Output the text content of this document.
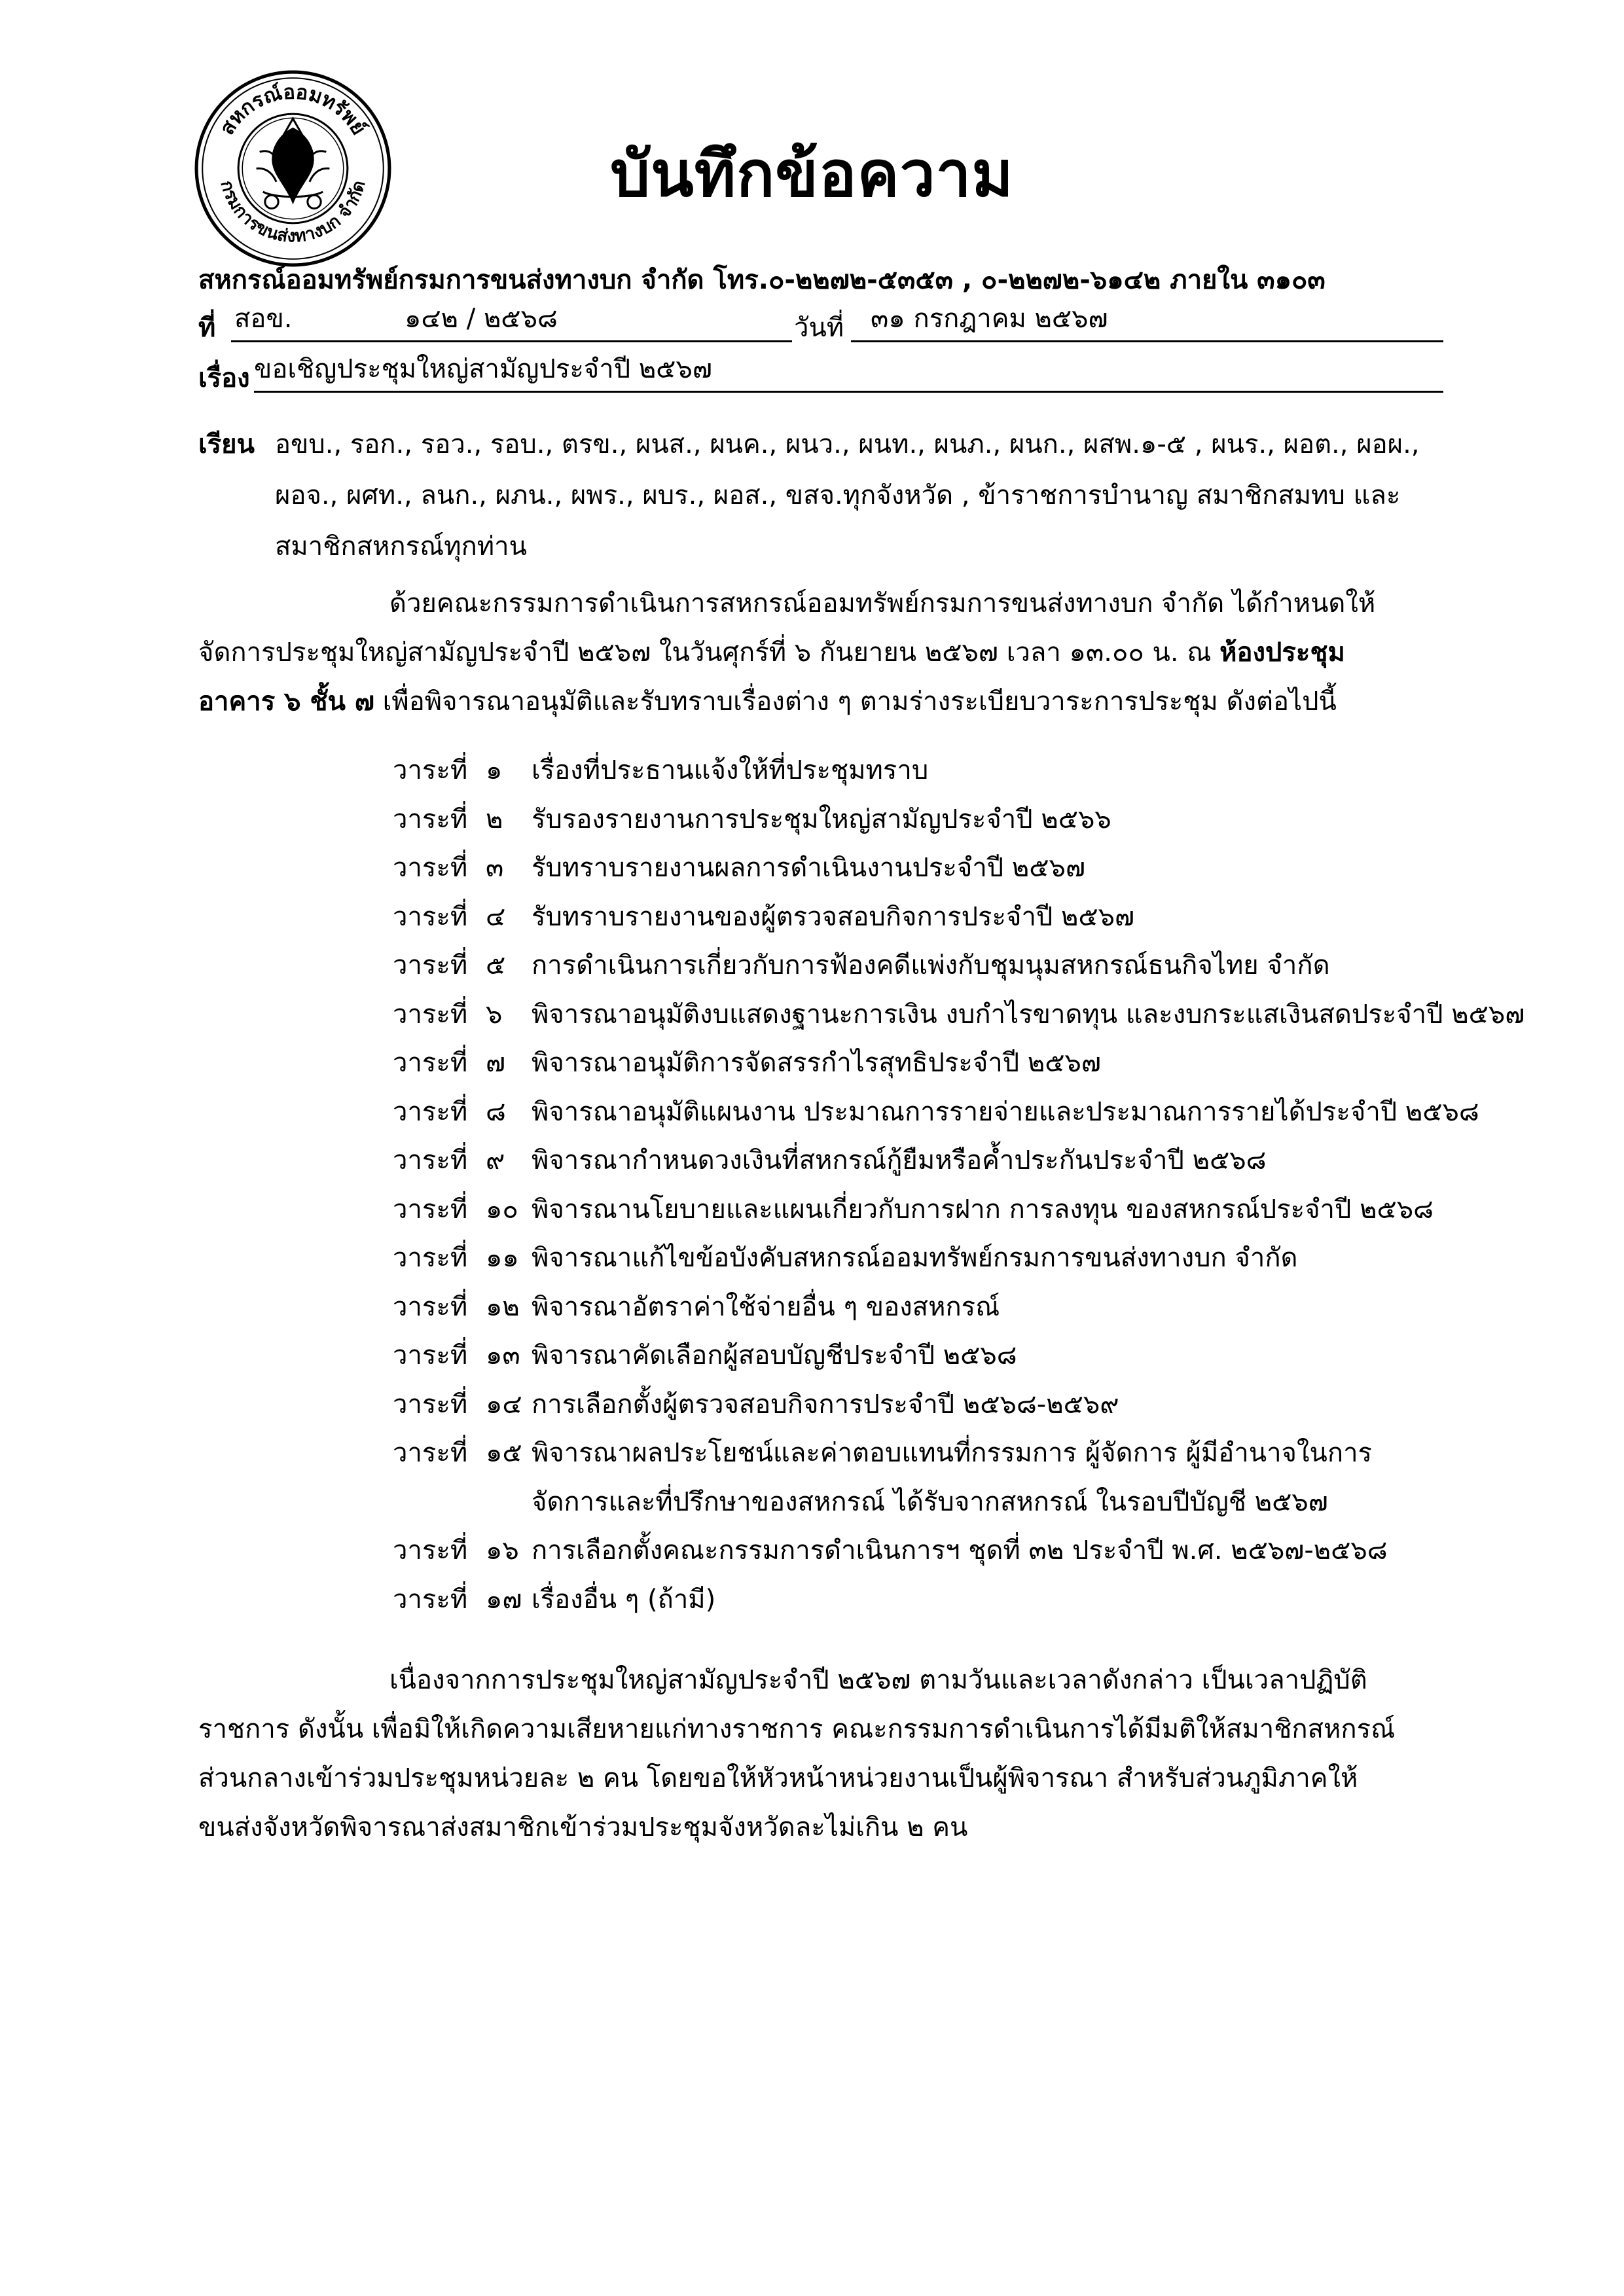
สหกรณ์ออมทรัพย์
กรมการขนส่งทางบก จำกัด	บันทึกข้อความ
สหกรณ์ออมทรัพย์กรมการขนส่งทางบก จำกัด โทร.๐-๒๒๗๒-๕๓๕๓ , ๐-๒๒๗๒-๖๑๔๒ ภายใน ๓๑๐๓
ที่ สอข.	๑๔๒ / ๒๕๖๘	วันที่ ๓๑ กรกฎาคม ๒๕๖๗
เรื่อง ขอเชิญประชุมใหญ่สามัญประจำปี ๒๕๖๗
เรียน อขบ., รอก., รอว., รอบ., ตรข., ผนส., ผนค., ผนว., ผนท., ผนภ., ผนก., ผสพ.๑-๕ , ผนร., ผอต., ผอผ.,
ผอจ., ผศท., ลนก., ผภน., ผพร., ผบร., ผอส., ขสจ.ทุกจังหวัด , ข้าราชการบำนาญ สมาชิกสมทบ และ
สมาชิกสหกรณ์ทุกท่าน
ด้วยคณะกรรมการดำเนินการสหกรณ์ออมทรัพย์กรมการขนส่งทางบก จำกัด ได้กำหนดให้
จัดการประชุมใหญ่สามัญประจำปี ๒๕๖๗ ในวันศุกร์ที่ ๖ กันยายน ๒๕๖๗ เวลา ๑๓.๐๐ น. ณ ห้องประชุม
อาคาร ๖ ชั้น ๗ เพื่อพิจารณาอนุมัติและรับทราบเรื่องต่าง ๆ ตามร่างระเบียบวาระการประชุม ดังต่อไปนี้
วาระที่ ๑ เรื่องที่ประธานแจ้งให้ที่ประชุมทราบ
วาระที่ ๒ รับรองรายงานการประชุมใหญ่สามัญประจำปี ๒๕๖๖
วาระที่ ๓ รับทราบรายงานผลการดำเนินงานประจำปี ๒๕๖๗
วาระที่ ๔ รับทราบรายงานของผู้ตรวจสอบกิจการประจำปี ๒๕๖๗
วาระที่ ๕ การดำเนินการเกี่ยวกับการฟ้องคดีแพ่งกับชุมนุมสหกรณ์ธนกิจไทย จำกัด
วาระที่ ๖ พิจารณาอนุมัติงบแสดงฐานะการเงิน งบกำไรขาดทุน และงบกระแสเงินสดประจำปี ๒๕๖๗
วาระที่ ๗ พิจารณาอนุมัติการจัดสรรกำไรสุทธิประจำปี ๒๕๖๗
วาระที่ ๘ พิจารณาอนุมัติแผนงาน ประมาณการรายจ่ายและประมาณการรายได้ประจำปี ๒๕๖๘
วาระที่ ๙ พิจารณากำหนดวงเงินที่สหกรณ์กู้ยืมหรือค้ำประกันประจำปี ๒๕๖๘
วาระที่ ๑๐ พิจารณานโยบายและแผนเกี่ยวกับการฝาก การลงทุน ของสหกรณ์ประจำปี ๒๕๖๘
วาระที่ ๑๑ พิจารณาแก้ไขข้อบังคับสหกรณ์ออมทรัพย์กรมการขนส่งทางบก จำกัด
วาระที่ ๑๒ พิจารณาอัตราค่าใช้จ่ายอื่น ๆ ของสหกรณ์
วาระที่ ๑๓ พิจารณาคัดเลือกผู้สอบบัญชีประจำปี ๒๕๖๘
วาระที่ ๑๔ การเลือกตั้งผู้ตรวจสอบกิจการประจำปี ๒๕๖๘-๒๕๖๙
วาระที่ ๑๕ พิจารณาผลประโยชน์และค่าตอบแทนที่กรรมการ ผู้จัดการ ผู้มีอำนาจในการ
จัดการและที่ปรึกษาของสหกรณ์ ได้รับจากสหกรณ์ ในรอบปีบัญชี ๒๕๖๗
วาระที่ ๑๖ การเลือกตั้งคณะกรรมการดำเนินการฯ ชุดที่ ๓๒ ประจำปี พ.ศ. ๒๕๖๗-๒๕๖๘
วาระที่ ๑๗ เรื่องอื่น ๆ (ถ้ามี)
เนื่องจากการประชุมใหญ่สามัญประจำปี ๒๕๖๗ ตามวันและเวลาดังกล่าว เป็นเวลาปฏิบัติ
ราชการ ดังนั้น เพื่อมิให้เกิดความเสียหายแก่ทางราชการ คณะกรรมการดำเนินการได้มีมติให้สมาชิกสหกรณ์
ส่วนกลางเข้าร่วมประชุมหน่วยละ ๒ คน โดยขอให้หัวหน้าหน่วยงานเป็นผู้พิจารณา สำหรับส่วนภูมิภาคให้
ขนส่งจังหวัดพิจารณาส่งสมาชิกเข้าร่วมประชุมจังหวัดละไม่เกิน ๒ คน
